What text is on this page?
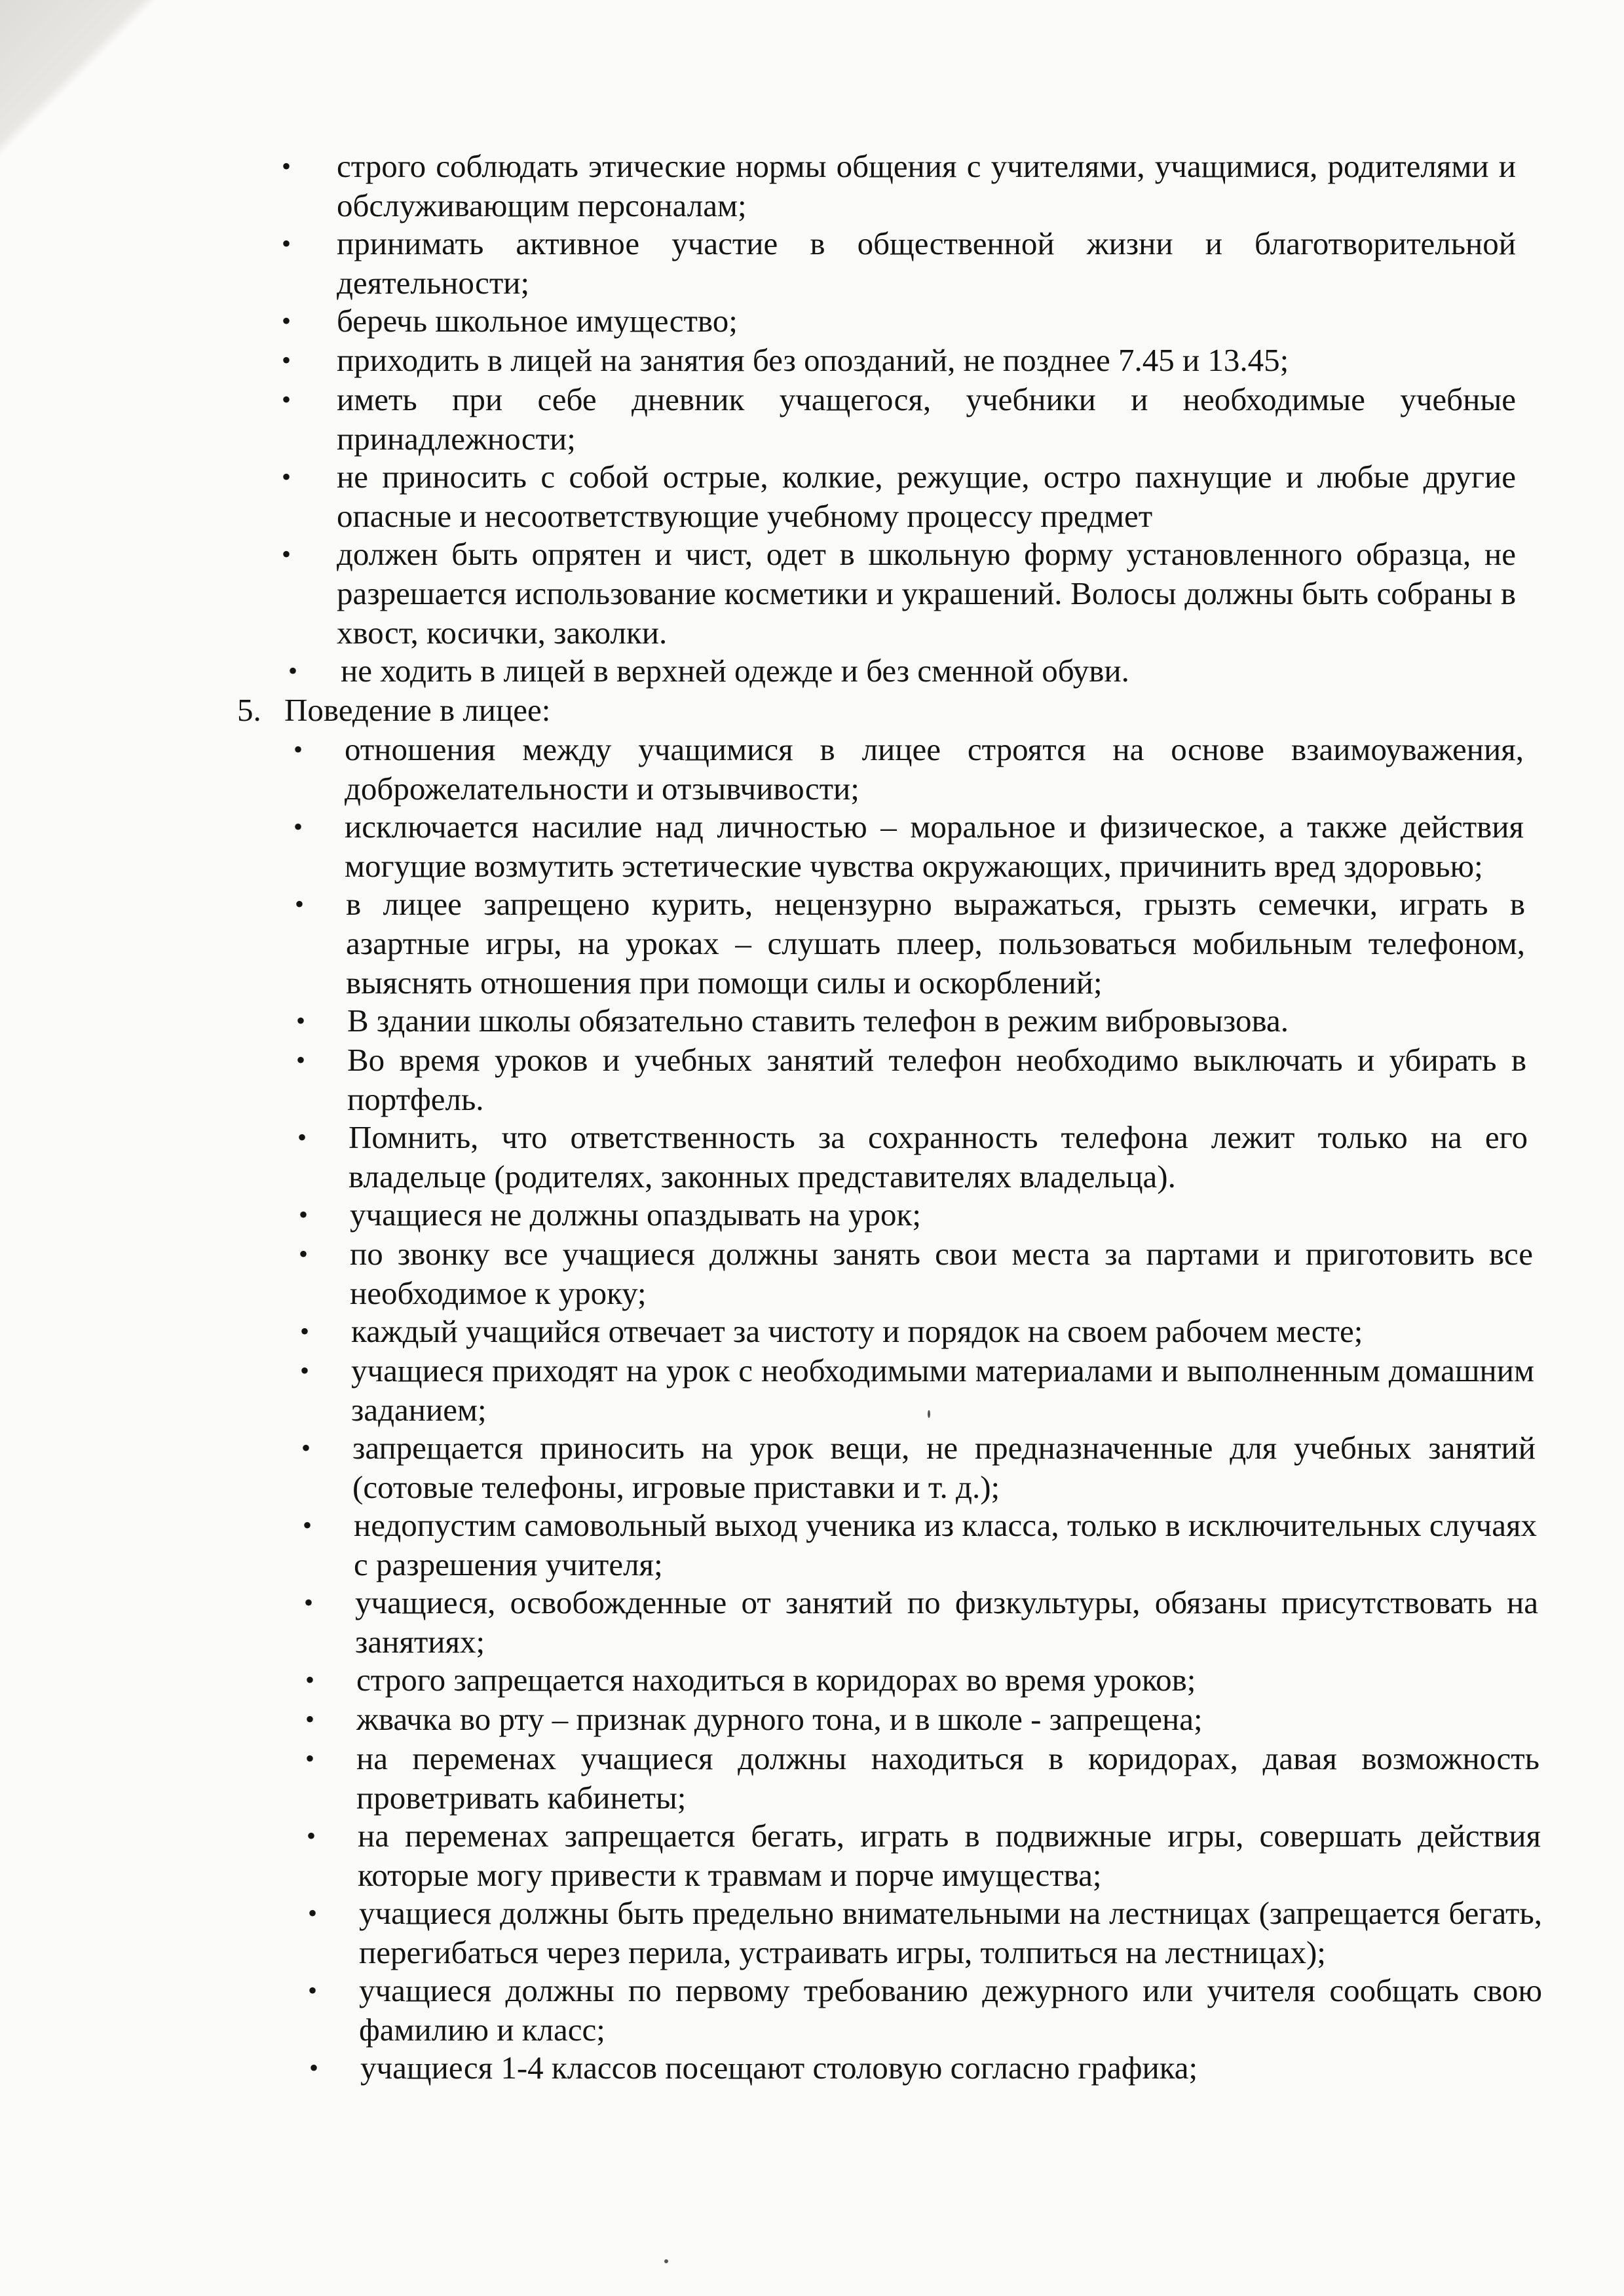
• строго соблюдать этические нормы общения с учителями, учащимися, родителями и обслуживающим персоналам;
• принимать активное участие в общественной жизни и благотворительной деятельности;
• беречь школьное имущество;
• приходить в лицей на занятия без опозданий, не позднее 7.45 и 13.45;
• иметь при себе дневник учащегося, учебники и необходимые учебные принадлежности;
• не приносить с собой острые, колкие, режущие, остро пахнущие и любые другие опасные и несоответствующие учебному процессу предмет
• должен быть опрятен и чист, одет в школьную форму установленного образца, не разрешается использование косметики и украшений. Волосы должны быть собраны в хвост, косички, заколки.
• не ходить в лицей в верхней одежде и без сменной обуви.
5. Поведение в лицее:
• отношения между учащимися в лицее строятся на основе взаимоуважения, доброжелательности и отзывчивости;
• исключается насилие над личностью – моральное и физическое, а также действия могущие возмутить эстетические чувства окружающих, причинить вред здоровью;
• в лицее запрещено курить, нецензурно выражаться, грызть семечки, играть в азартные игры, на уроках – слушать плеер, пользоваться мобильным телефоном, выяснять отношения при помощи силы и оскорблений;
• В здании школы обязательно ставить телефон в режим вибровызова.
• Во время уроков и учебных занятий телефон необходимо выключать и убирать в портфель.
• Помнить, что ответственность за сохранность телефона лежит только на его владельце (родителях, законных представителях владельца).
• учащиеся не должны опаздывать на урок;
• по звонку все учащиеся должны занять свои места за партами и приготовить все необходимое к уроку;
• каждый учащийся отвечает за чистоту и порядок на своем рабочем месте;
• учащиеся приходят на урок с необходимыми материалами и выполненным домашним заданием;
• запрещается приносить на урок вещи, не предназначенные для учебных занятий (сотовые телефоны, игровые приставки и т. д.);
• недопустим самовольный выход ученика из класса, только в исключительных случаях с разрешения учителя;
• учащиеся, освобожденные от занятий по физкультуры, обязаны присутствовать на занятиях;
• строго запрещается находиться в коридорах во время уроков;
• жвачка во рту – признак дурного тона, и в школе - запрещена;
• на переменах учащиеся должны находиться в коридорах, давая возможность проветривать кабинеты;
• на переменах запрещается бегать, играть в подвижные игры, совершать действия которые могу привести к травмам и порче имущества;
• учащиеся должны быть предельно внимательными на лестницах (запрещается бегать, перегибаться через перила, устраивать игры, толпиться на лестницах);
• учащиеся должны по первому требованию дежурного или учителя сообщать свою фамилию и класс;
• учащиеся 1-4 классов посещают столовую согласно графика;
